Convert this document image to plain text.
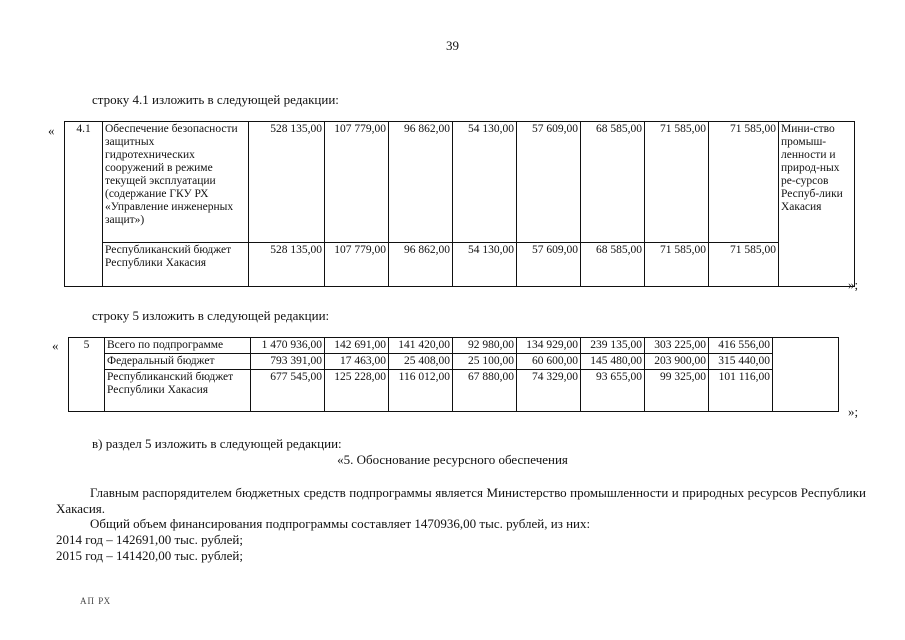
39
строку 4.1 изложить в следующей редакции:
« 4.1	Обеспечение безопасности защитных гидротехнических сооружений в режиме текущей эксплуатации (содержание ГКУ РХ «Управление инженерных защит»)	528 135,00	107 779,00	96 862,00	54 130,00	57 609,00	68 585,00	71 585,00	71 585,00	Мини-ство промыш-ленности и природ-ных ре-сурсов Респуб-лики Хакасия
	Республиканский бюджет Республики Хакасия	528 135,00	107 779,00	96 862,00	54 130,00	57 609,00	68 585,00	71 585,00	71 585,00	
»;
строку 5 изложить в следующей редакции:
« 5	Всего по подпрограмме	1 470 936,00	142 691,00	141 420,00	92 980,00	134 929,00	239 135,00	303 225,00	416 556,00	
	Федеральный бюджет	793 391,00	17 463,00	25 408,00	25 100,00	60 600,00	145 480,00	203 900,00	315 440,00	
	Республиканский бюджет Республики Хакасия	677 545,00	125 228,00	116 012,00	67 880,00	74 329,00	93 655,00	99 325,00	101 116,00	
»;
в) раздел 5 изложить в следующей редакции:
«5. Обоснование ресурсного обеспечения
Главным распорядителем бюджетных средств подпрограммы является Министерство промышленности и природных ресурсов Республики Хакасия.
Общий объем финансирования подпрограммы составляет 1470936,00 тыс. рублей, из них:
2014 год – 142691,00 тыс. рублей;
2015 год – 141420,00 тыс. рублей;
АП РХ
